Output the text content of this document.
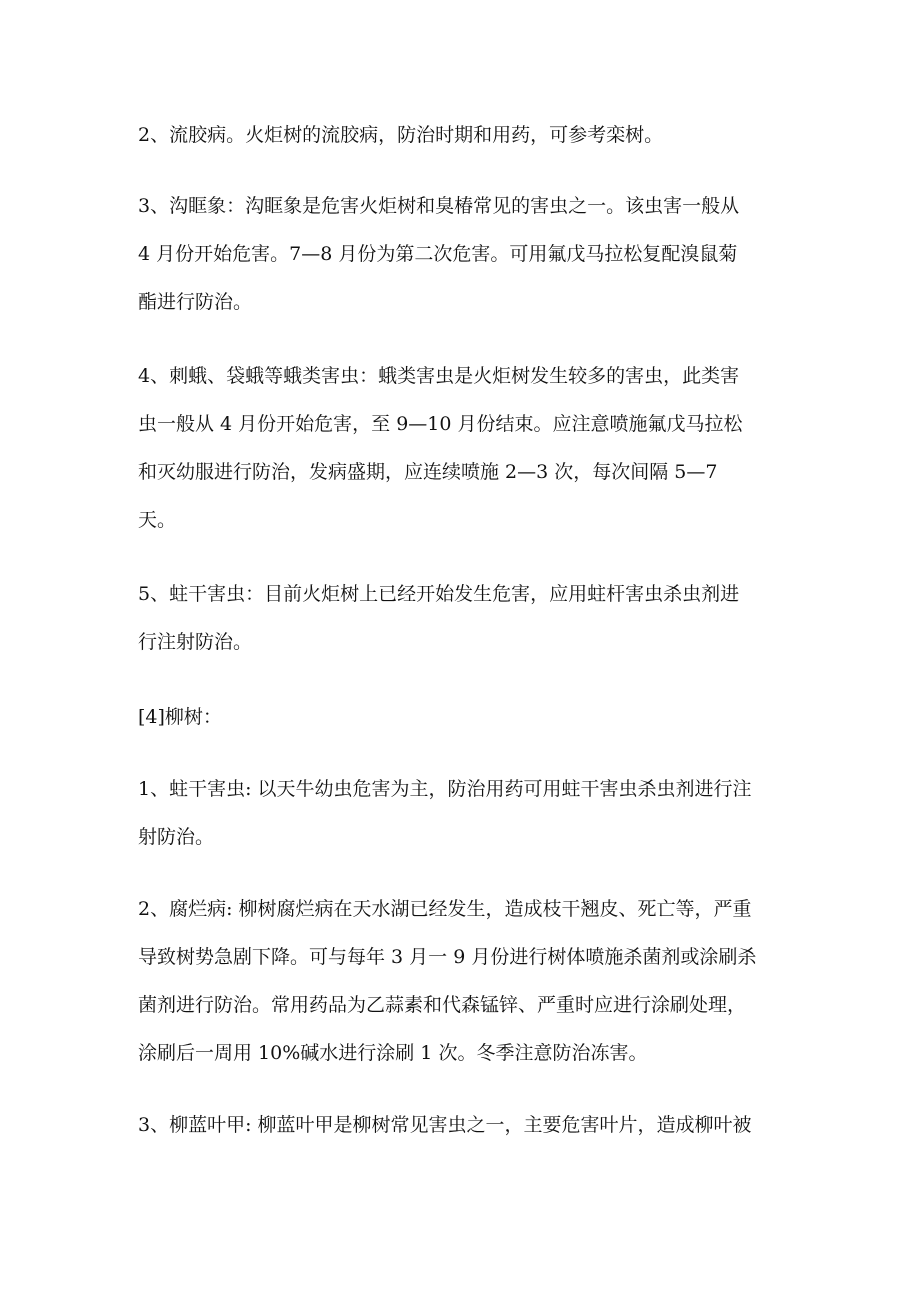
2、流胶病。火炬树的流胶病，防治时期和用药，可参考栾树。

3、沟眶象：沟眶象是危害火炬树和臭椿常见的害虫之一。该虫害一般从
4 月份开始危害。7—8 月份为第二次危害。可用氟戊马拉松复配溴鼠菊
酯进行防治。

4、刺蛾、袋蛾等蛾类害虫：蛾类害虫是火炬树发生较多的害虫，此类害
虫一般从 4 月份开始危害，至 9—10 月份结束。应注意喷施氟戊马拉松
和灭幼服进行防治，发病盛期，应连续喷施 2—3 次，每次间隔 5—7
天。

5、蛀干害虫：目前火炬树上已经开始发生危害，应用蛀杆害虫杀虫剂进
行注射防治。

[4]柳树：

1、蛀干害虫: 以天牛幼虫危害为主，防治用药可用蛀干害虫杀虫剂进行注
射防治。

2、腐烂病: 柳树腐烂病在天水湖已经发生，造成枝干翘皮、死亡等，严重
导致树势急剧下降。可与每年 3 月一 9 月份进行树体喷施杀菌剂或涂刷杀
菌剂进行防治。常用药品为乙蒜素和代森锰锌、严重时应进行涂刷处理，
涂刷后一周用 10%碱水进行涂刷 1 次。冬季注意防治冻害。

3、柳蓝叶甲: 柳蓝叶甲是柳树常见害虫之一，主要危害叶片，造成柳叶被
